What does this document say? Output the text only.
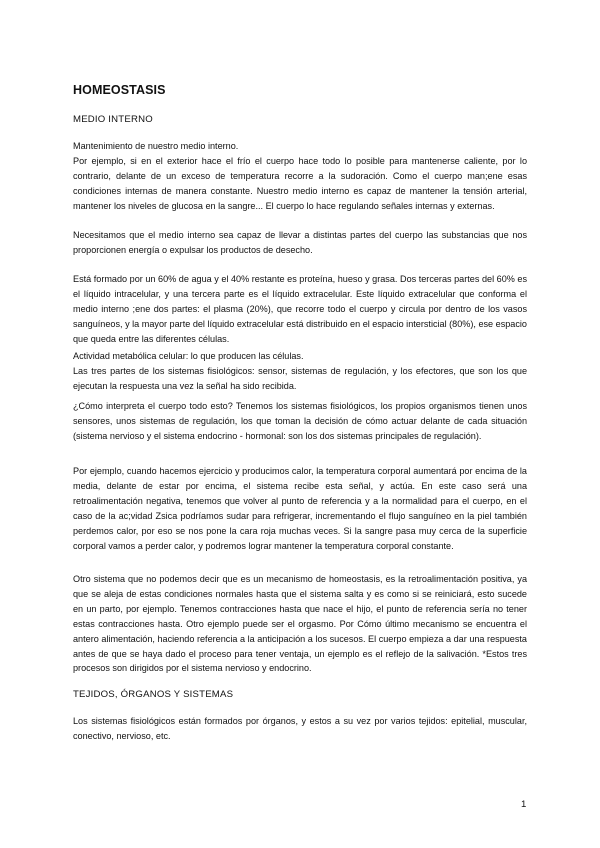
HOMEOSTASIS
MEDIO INTERNO

Mantenimiento de nuestro medio interno.
Por ejemplo, si en el exterior hace el frío el cuerpo hace todo lo posible para mantenerse caliente, por lo contrario, delante de un exceso de temperatura recorre a la sudoración. Como el cuerpo man;ene esas condiciones internas de manera constante. Nuestro medio interno es capaz de mantener la tensión arterial, mantener los niveles de glucosa en la sangre... El cuerpo lo hace regulando señales internas y externas.

Necesitamos que el medio interno sea capaz de llevar a distintas partes del cuerpo las substancias que nos proporcionen energía o expulsar los productos de desecho.

Está formado por un 60% de agua y el 40% restante es proteína, hueso y grasa. Dos terceras partes del 60% es el líquido intracelular, y una tercera parte es el líquido extracelular. Este líquido extracelular que conforma el medio interno ;ene dos partes: el plasma (20%), que recorre todo el cuerpo y circula por dentro de los vasos sanguíneos, y la mayor parte del líquido extracelular está distribuido en el espacio intersticial (80%), ese espacio que queda entre las diferentes células.

Actividad metabólica celular: lo que producen las células.
Las tres partes de los sistemas fisiológicos: sensor, sistemas de regulación, y los efectores, que son los que ejecutan la respuesta una vez la señal ha sido recibida.

¿Cómo interpreta el cuerpo todo esto? Tenemos los sistemas fisiológicos, los propios organismos tienen unos sensores, unos sistemas de regulación, los que toman la decisión de cómo actuar delante de cada situación (sistema nervioso y el sistema endocrino - hormonal: son los dos sistemas principales de regulación).

Por ejemplo, cuando hacemos ejercicio y producimos calor, la temperatura corporal aumentará por encima de la media, delante de estar por encima, el sistema recibe esta señal, y actúa. En este caso será una retroalimentación negativa, tenemos que volver al punto de referencia y a la normalidad para el cuerpo, en el caso de la ac;vidad Zsica podríamos sudar para refrigerar, incrementando el flujo sanguíneo en la piel también perdemos calor, por eso se nos pone la cara roja muchas veces. Si la sangre pasa muy cerca de la superficie corporal vamos a perder calor, y podremos lograr mantener la temperatura corporal constante.

Otro sistema que no podemos decir que es un mecanismo de homeostasis, es la retroalimentación positiva, ya que se aleja de estas condiciones normales hasta que el sistema salta y es como si se reiniciará, esto sucede en un parto, por ejemplo. Tenemos contracciones hasta que nace el hijo, el punto de referencia sería no tener estas contracciones hasta. Otro ejemplo puede ser el orgasmo. Por Cómo último mecanismo se encuentra el antero alimentación, haciendo referencia a la anticipación a los sucesos. El cuerpo empieza a dar una respuesta antes de que se haya dado el proceso para tener ventaja, un ejemplo es el reflejo de la salivación. *Estos tres procesos son dirigidos por el sistema nervioso y endocrino.

TEJIDOS, ÓRGANOS Y SISTEMAS

Los sistemas fisiológicos están formados por órganos, y estos a su vez por varios tejidos: epitelial, muscular, conectivo, nervioso, etc.

1
